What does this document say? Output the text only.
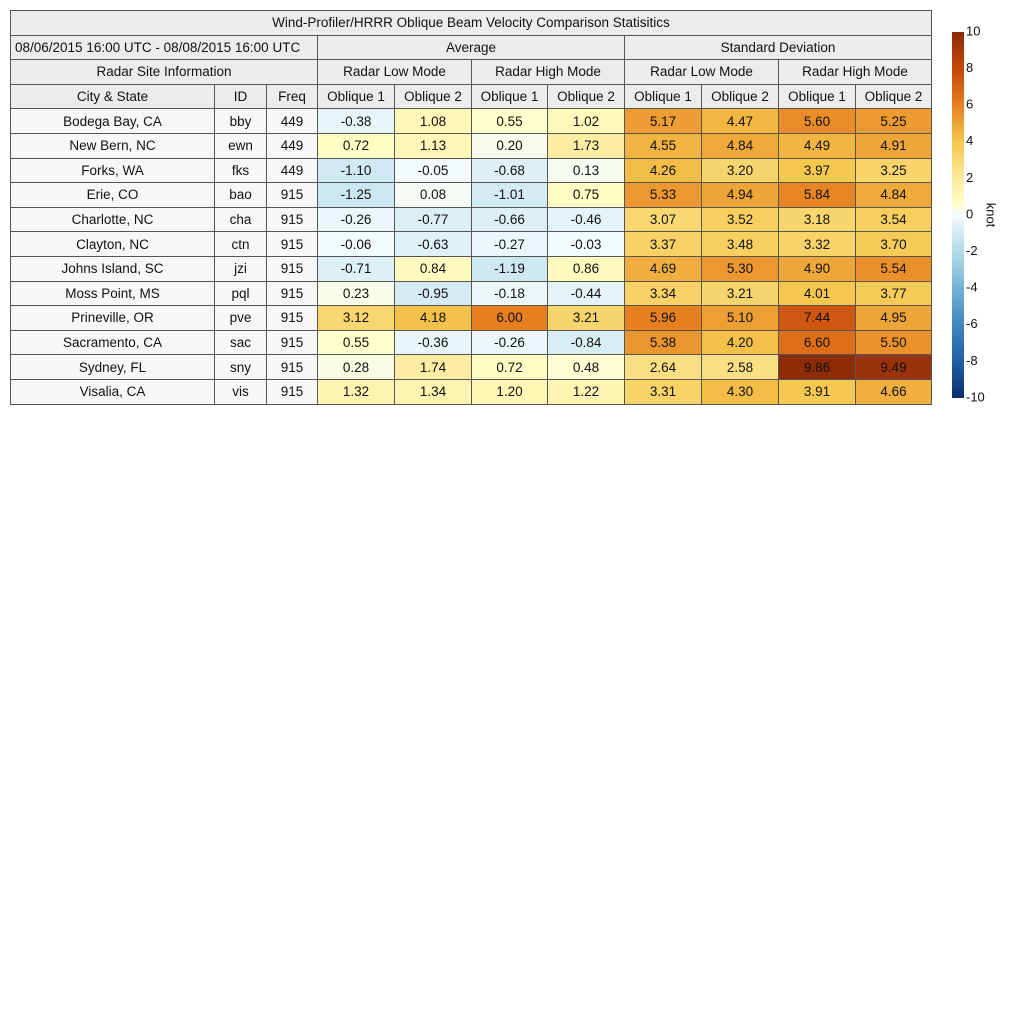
Wind-Profiler/HRRR Oblique Beam Velocity Comparison Statisitics										
08/06/2015 16:00 UTC - 08/08/2015 16:00 UTC			Average				Standard Deviation			
Radar Site Information			Radar Low Mode		Radar High Mode		Radar Low Mode		Radar High Mode	
City & State	ID	Freq	Oblique 1	Oblique 2	Oblique 1	Oblique 2	Oblique 1	Oblique 2	Oblique 1	Oblique 2
Bodega Bay, CA	bby	449	-0.38	1.08	0.55	1.02	5.17	4.47	5.60	5.25
New Bern, NC	ewn	449	0.72	1.13	0.20	1.73	4.55	4.84	4.49	4.91
Forks, WA	fks	449	-1.10	-0.05	-0.68	0.13	4.26	3.20	3.97	3.25
Erie, CO	bao	915	-1.25	0.08	-1.01	0.75	5.33	4.94	5.84	4.84
Charlotte, NC	cha	915	-0.26	-0.77	-0.66	-0.46	3.07	3.52	3.18	3.54
Clayton, NC	ctn	915	-0.06	-0.63	-0.27	-0.03	3.37	3.48	3.32	3.70
Johns Island, SC	jzi	915	-0.71	0.84	-1.19	0.86	4.69	5.30	4.90	5.54
Moss Point, MS	pql	915	0.23	-0.95	-0.18	-0.44	3.34	3.21	4.01	3.77
Prineville, OR	pve	915	3.12	4.18	6.00	3.21	5.96	5.10	7.44	4.95
Sacramento, CA	sac	915	0.55	-0.36	-0.26	-0.84	5.38	4.20	6.60	5.50
Sydney, FL	sny	915	0.28	1.74	0.72	0.48	2.64	2.58	9.86	9.49
Visalia, CA	vis	915	1.32	1.34	1.20	1.22	3.31	4.30	3.91	4.66
10
8
6
4
2
0
-2
-4
-6
-8
-10
knot
